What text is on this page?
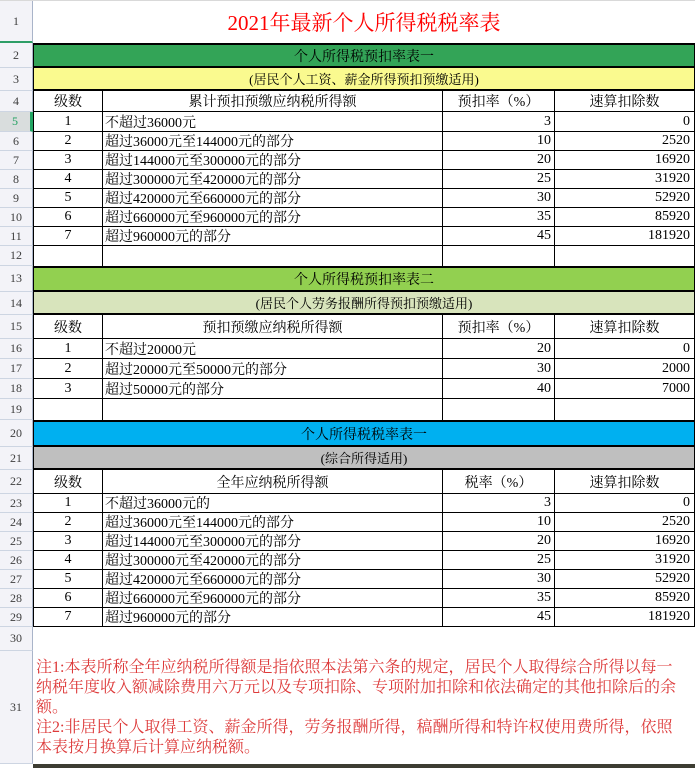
1	2021年最新个人所得税税率表
2	个人所得税预扣率表一
3	(居民个人工资、薪金所得预扣预缴适用)
4	级数	累计预扣预缴应纳税所得额	预扣率（%）	速算扣除数
5	1	不超过36000元	3	0
6	2	超过36000元至144000元的部分	10	2520
7	3	超过144000元至300000元的部分	20	16920
8	4	超过300000元至420000元的部分	25	31920
9	5	超过420000元至660000元的部分	30	52920
10	6	超过660000元至960000元的部分	35	85920
11	7	超过960000元的部分	45	181920
12
13	个人所得税预扣率表二
14	(居民个人劳务报酬所得预扣预缴适用)
15	级数	预扣预缴应纳税所得额	预扣率（%）	速算扣除数
16	1	不超过20000元	20	0
17	2	超过20000元至50000元的部分	30	2000
18	3	超过50000元的部分	40	7000
19
20	个人所得税税率表一
21	(综合所得适用)
22	级数	全年应纳税所得额	税率（%）	速算扣除数
23	1	不超过36000元的	3	0
24	2	超过36000元至144000元的部分	10	2520
25	3	超过144000元至300000元的部分	20	16920
26	4	超过300000元至420000元的部分	25	31920
27	5	超过420000元至660000元的部分	30	52920
28	6	超过660000元至960000元的部分	35	85920
29	7	超过960000元的部分	45	181920
30
31
注1:本表所称全年应纳税所得额是指依照本法第六条的规定，居民个人取得综合所得以每一纳税年度收入额减除费用六万元以及专项扣除、专项附加扣除和依法确定的其他扣除后的余额。
注2:非居民个人取得工资、薪金所得，劳务报酬所得，稿酬所得和特许权使用费所得，依照本表按月换算后计算应纳税额。
